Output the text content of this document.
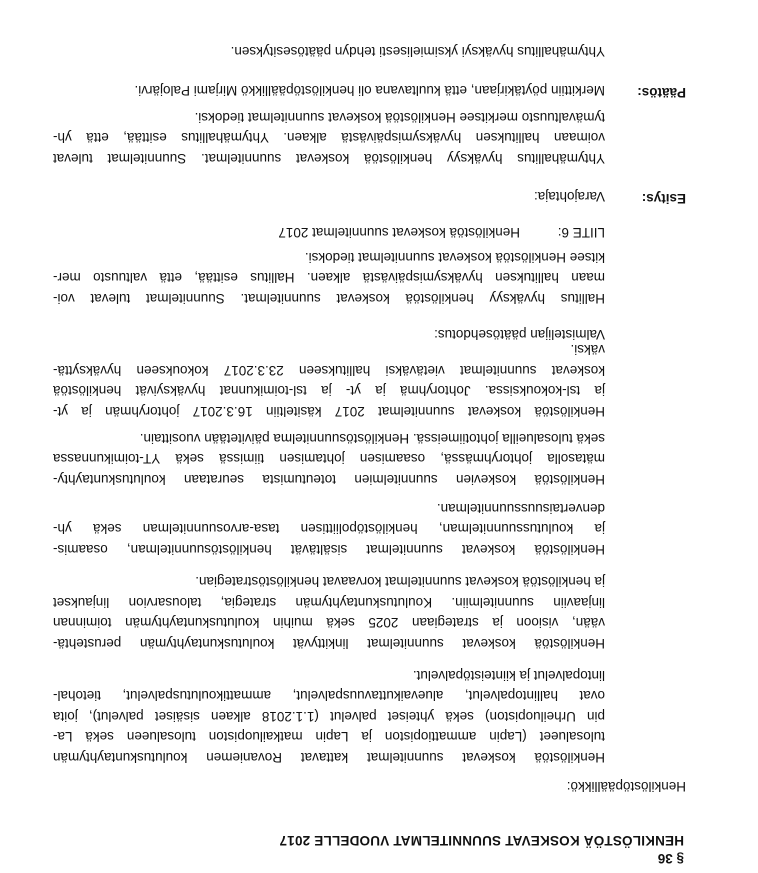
§ 36

HENKILÖSTÖÄ KOSKEVAT SUUNNITELMAT VUODELLE 2017

Henkilöstöpäällikkö:
Henkilöstöä koskevat suunnitelmat kattavat Rovaniemen koulutuskuntayhtymän
tulosalueet (Lapin ammattiopiston ja Lapin matkailuopiston tulosalueen sekä La-
pin Urheiluopiston) sekä yhteiset palvelut (1.1.2018 alkaen sisäiset palvelut), joita
ovat hallintopalvelut, aluevaikuttavuuspalvelut, ammattikoulutuspalvelut, tietohal-
lintopalvelut ja kiinteistöpalvelut.
Henkilöstöä koskevat suunnitelmat linkittyvät koulutuskuntayhtymän perustehtä-
vään, visioon ja strategiaan 2025 sekä muihin koulutuskuntayhtymän toiminnan
linjaaviin suunnitelmiin. Koulutuskuntayhtymän strategia, talousarvion linjaukset
ja henkilöstöä koskevat suunnitelmat korvaavat henkilöstöstrategian.
Henkilöstöä koskevat suunnitelmat sisältävät henkilöstösuunnitelman, osaamis-
ja koulutussuunnitelman, henkilöstöpoliittisen tasa-arvosuunnitelman sekä yh-
denvertaisuussuunnitelman.
Henkilöstöä koskevien suunnitelmien toteutumista seurataan koulutuskuntayhty-
mätasolla johtoryhmässä, osaamisen johtamisen tiimissä sekä YT-toimikunnassa
sekä tulosalueilla johtotiimeissä. Henkilöstösuunnitelma päivitetään vuosittain.
Henkilöstöä koskevat suunnitelmat 2017 käsiteltiin 16.3.2017 johtoryhmän ja yt-
ja tsl-kokouksissa. Johtoryhmä ja yt- ja tsl-toimikunnat hyväksyivät henkilöstöä
koskevat suunnitelmat vietäväksi hallitukseen 23.3.2017 kokoukseen hyväksyttä-
väksi.
Valmistelijan päätösehdotus:
Hallitus hyväksyy henkilöstöä koskevat suunnitelmat. Suunnitelmat tulevat voi-
maan hallituksen hyväksymispäivästä alkaen. Hallitus esittää, että valtuusto mer-
kitsee Henkilöstöä koskevat suunnitelmat tiedoksi.
LIITE 6:Henkilöstöä koskevat suunnitelmat 2017
Esitys:
Varajohtaja:
Yhtymähallitus hyväksyy henkilöstöä koskevat suunnitelmat. Suunnitelmat tulevat
voimaan hallituksen hyväksymispäivästä alkaen. Yhtymähallitus esittää, että yh-
tymävaltuusto merkitsee Henkilöstöä koskevat suunnitelmat tiedoksi.
Päätös:
Merkittiin pöytäkirjaan, että kuultavana oli henkilöstöpäällikkö Mirjami Palojärvi.
Yhtymähallitus hyväksyi yksimielisesti tehdyn päätösesityksen.
